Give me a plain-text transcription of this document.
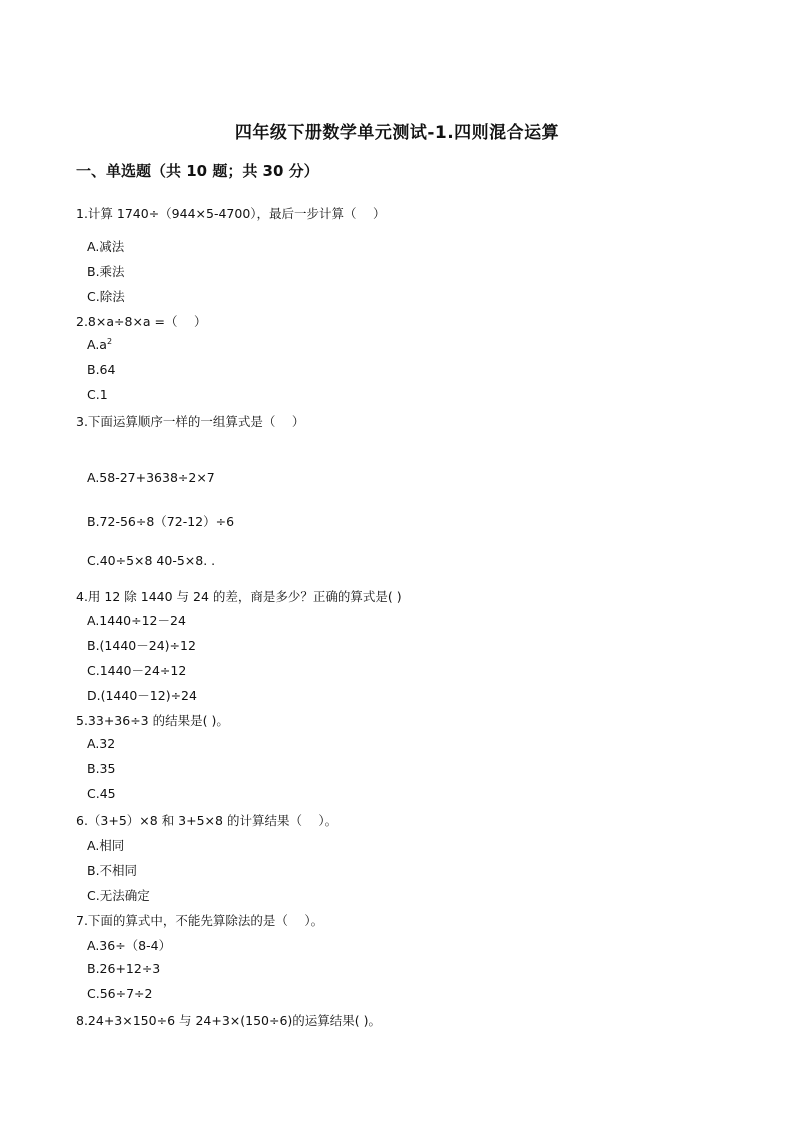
四年级下册数学单元测试-1.四则混合运算
一、单选题（共 10 题；共 30 分）
1.计算 1740÷（944×5-4700），最后一步计算（　 ）
A.减法
B.乘法
C.除法
2.8×a÷8×a =（　 ）
$A.a^2$
B.64
C.1
3.下面运算顺序一样的一组算式是（　 ）
A.58-27+3638÷2×7
B.72-56÷8（72-12）÷6
C.40÷5×8 40-5×8. .
4.用 12 除 1440 与 24 的差，商是多少？正确的算式是( )
A.1440÷12－24
B.(1440－24)÷12
C.1440－24÷12
D.(1440－12)÷24
5.33+36÷3 的结果是( )。
A.32
B.35
C.45
6.（3+5）×8 和 3+5×8 的计算结果（　 ）。
A.相同
B.不相同
C.无法确定
7.下面的算式中，不能先算除法的是（　 ）。
A.36÷（8-4）
B.26+12÷3
C.56÷7÷2
8.24+3×150÷6 与 24+3×(150÷6)的运算结果( )。
